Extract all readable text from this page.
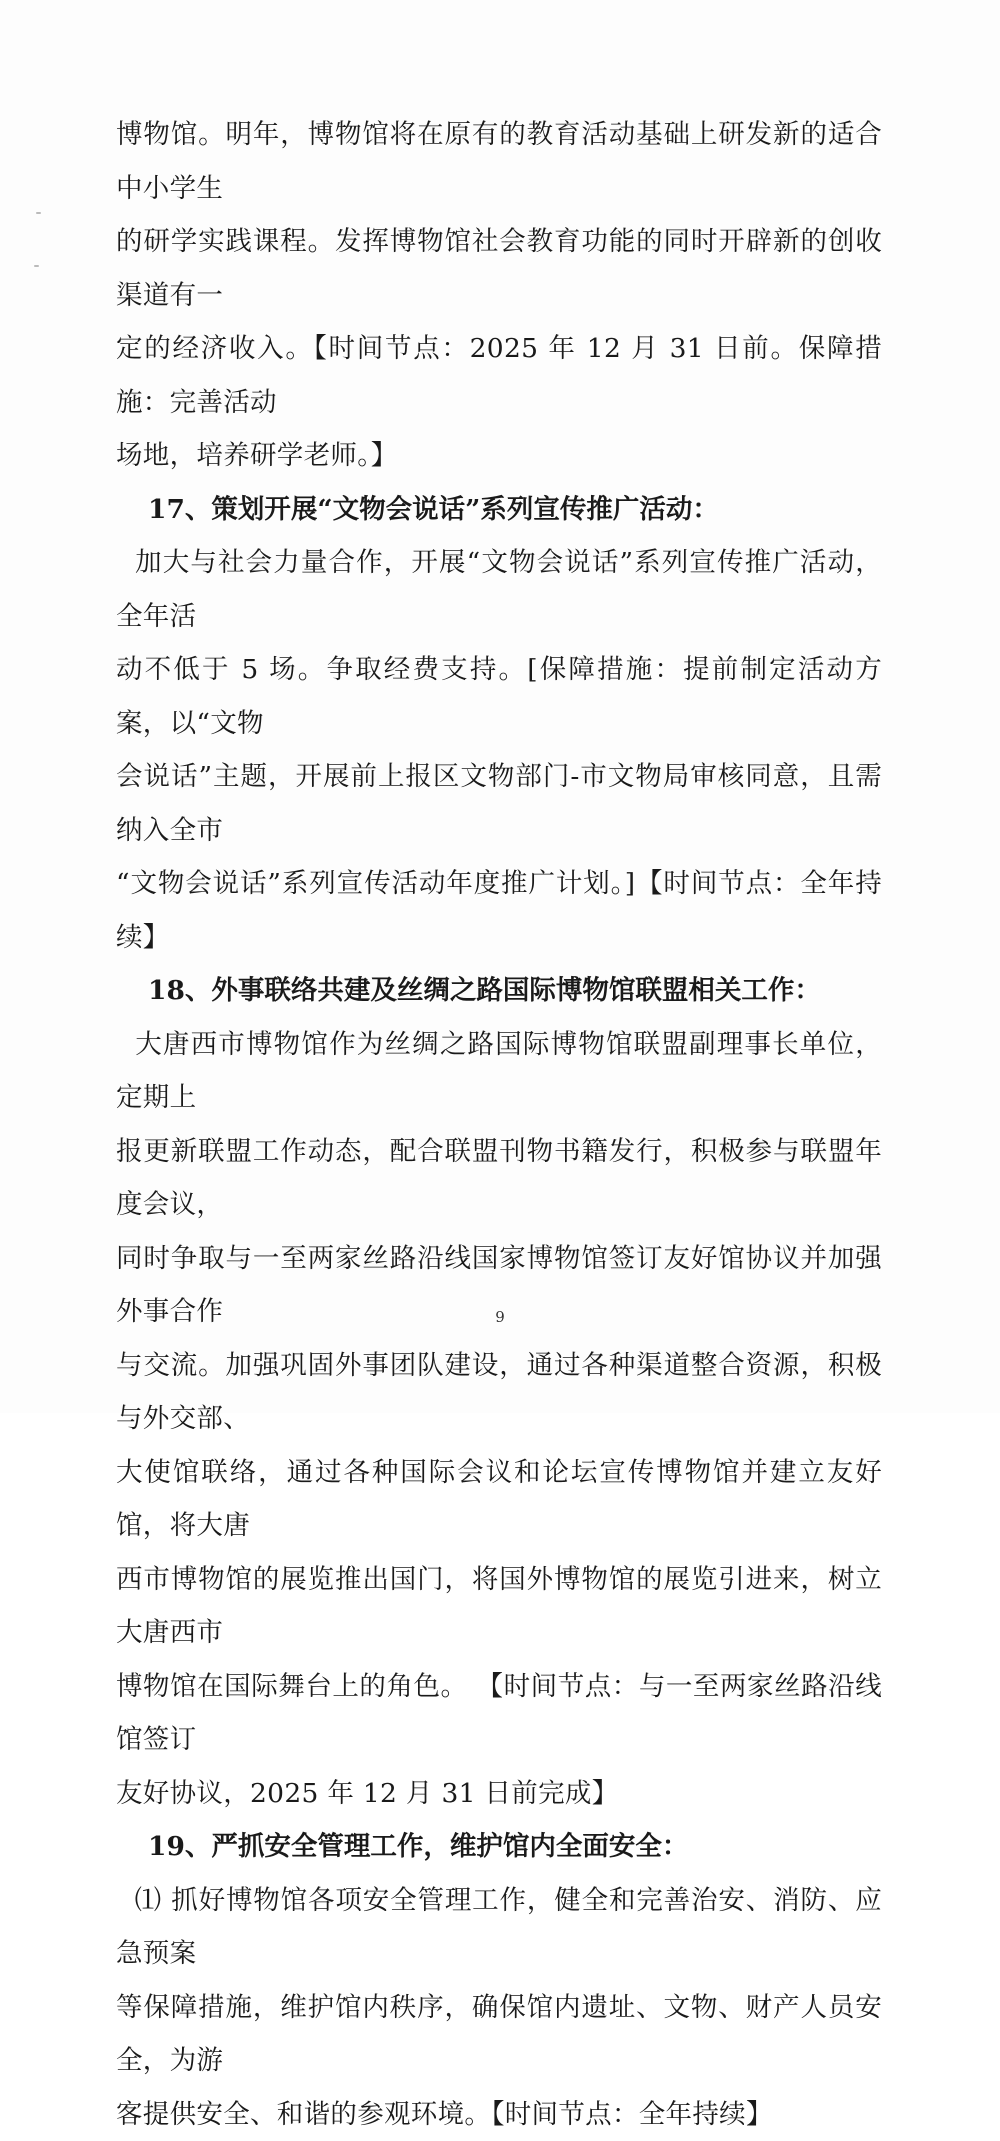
博物馆。明年，博物馆将在原有的教育活动基础上研发新的适合中小学生
的研学实践课程。发挥博物馆社会教育功能的同时开辟新的创收渠道有一
定的经济收入。【时间节点：2025 年 12 月 31 日前。保障措施：完善活动
场地，培养研学老师。】

17、策划开展“文物会说话”系列宣传推广活动：

加大与社会力量合作，开展“文物会说话”系列宣传推广活动，全年活
动不低于 5 场。争取经费支持。[保障措施：提前制定活动方案，以“文物
会说话”主题，开展前上报区文物部门-市文物局审核同意，且需纳入全市
“文物会说话”系列宣传活动年度推广计划。]【时间节点：全年持续】

18、外事联络共建及丝绸之路国际博物馆联盟相关工作：

大唐西市博物馆作为丝绸之路国际博物馆联盟副理事长单位，定期上
报更新联盟工作动态，配合联盟刊物书籍发行，积极参与联盟年度会议，
同时争取与一至两家丝路沿线国家博物馆签订友好馆协议并加强外事合作
与交流。加强巩固外事团队建设，通过各种渠道整合资源，积极与外交部、
大使馆联络，通过各种国际会议和论坛宣传博物馆并建立友好馆，将大唐
西市博物馆的展览推出国门，将国外博物馆的展览引进来，树立大唐西市
博物馆在国际舞台上的角色。 【时间节点：与一至两家丝路沿线馆签订
友好协议，2025 年 12 月 31 日前完成】

19、严抓安全管理工作，维护馆内全面安全：

⑴ 抓好博物馆各项安全管理工作，健全和完善治安、消防、应急预案
等保障措施，维护馆内秩序，确保馆内遗址、文物、财产人员安全，为游
客提供安全、和谐的参观环境。【时间节点：全年持续】

9
